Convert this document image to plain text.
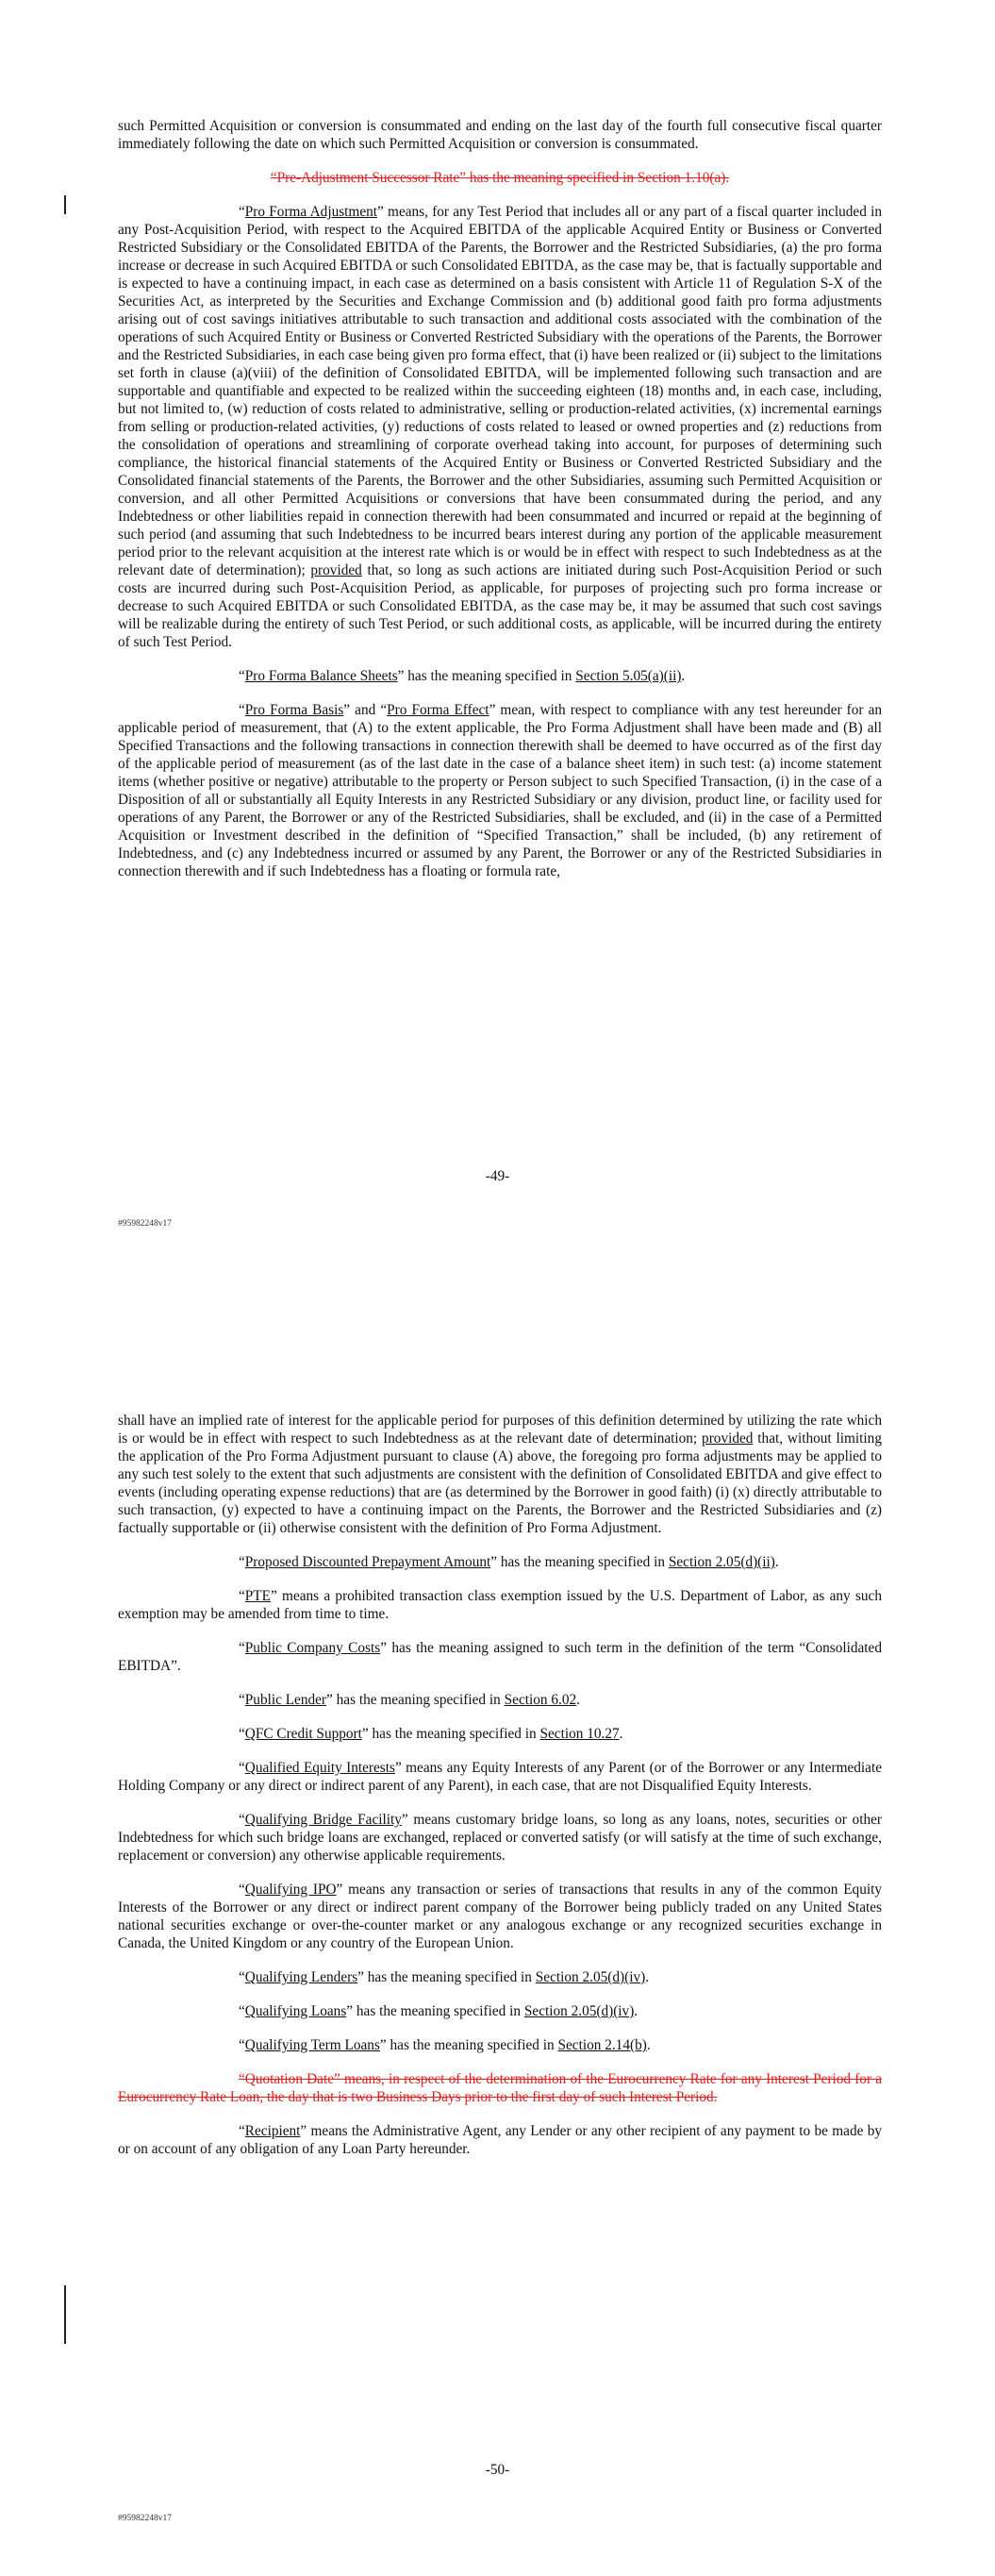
such Permitted Acquisition or conversion is consummated and ending on the last day of the fourth full consecutive fiscal quarter immediately following the date on which such Permitted Acquisition or conversion is consummated.

“Pre-Adjustment Successor Rate” has the meaning specified in Section 1.10(a).

“Pro Forma Adjustment” means, for any Test Period that includes all or any part of a fiscal quarter included in any Post-Acquisition Period, with respect to the Acquired EBITDA of the applicable Acquired Entity or Business or Converted Restricted Subsidiary or the Consolidated EBITDA of the Parents, the Borrower and the Restricted Subsidiaries, (a) the pro forma increase or decrease in such Acquired EBITDA or such Consolidated EBITDA, as the case may be, that is factually supportable and is expected to have a continuing impact, in each case as determined on a basis consistent with Article 11 of Regulation S-X of the Securities Act, as interpreted by the Securities and Exchange Commission and (b) additional good faith pro forma adjustments arising out of cost savings initiatives attributable to such transaction and additional costs associated with the combination of the operations of such Acquired Entity or Business or Converted Restricted Subsidiary with the operations of the Parents, the Borrower and the Restricted Subsidiaries, in each case being given pro forma effect, that (i) have been realized or (ii) subject to the limitations set forth in clause (a)(viii) of the definition of Consolidated EBITDA, will be implemented following such transaction and are supportable and quantifiable and expected to be realized within the succeeding eighteen (18) months and, in each case, including, but not limited to, (w) reduction of costs related to administrative, selling or production-related activities, (x) incremental earnings from selling or production-related activities, (y) reductions of costs related to leased or owned properties and (z) reductions from the consolidation of operations and streamlining of corporate overhead taking into account, for purposes of determining such compliance, the historical financial statements of the Acquired Entity or Business or Converted Restricted Subsidiary and the Consolidated financial statements of the Parents, the Borrower and the other Subsidiaries, assuming such Permitted Acquisition or conversion, and all other Permitted Acquisitions or conversions that have been consummated during the period, and any Indebtedness or other liabilities repaid in connection therewith had been consummated and incurred or repaid at the beginning of such period (and assuming that such Indebtedness to be incurred bears interest during any portion of the applicable measurement period prior to the relevant acquisition at the interest rate which is or would be in effect with respect to such Indebtedness as at the relevant date of determination); provided that, so long as such actions are initiated during such Post-Acquisition Period or such costs are incurred during such Post-Acquisition Period, as applicable, for purposes of projecting such pro forma increase or decrease to such Acquired EBITDA or such Consolidated EBITDA, as the case may be, it may be assumed that such cost savings will be realizable during the entirety of such Test Period, or such additional costs, as applicable, will be incurred during the entirety of such Test Period.

“Pro Forma Balance Sheets” has the meaning specified in Section 5.05(a)(ii).

“Pro Forma Basis” and “Pro Forma Effect” mean, with respect to compliance with any test hereunder for an applicable period of measurement, that (A) to the extent applicable, the Pro Forma Adjustment shall have been made and (B) all Specified Transactions and the following transactions in connection therewith shall be deemed to have occurred as of the first day of the applicable period of measurement (as of the last date in the case of a balance sheet item) in such test: (a) income statement items (whether positive or negative) attributable to the property or Person subject to such Specified Transaction, (i) in the case of a Disposition of all or substantially all Equity Interests in any Restricted Subsidiary or any division, product line, or facility used for operations of any Parent, the Borrower or any of the Restricted Subsidiaries, shall be excluded, and (ii) in the case of a Permitted Acquisition or Investment described in the definition of “Specified Transaction,” shall be included, (b) any retirement of Indebtedness, and (c) any Indebtedness incurred or assumed by any Parent, the Borrower or any of the Restricted Subsidiaries in connection therewith and if such Indebtedness has a floating or formula rate,

-49-
#95982248v17

shall have an implied rate of interest for the applicable period for purposes of this definition determined by utilizing the rate which is or would be in effect with respect to such Indebtedness as at the relevant date of determination; provided that, without limiting the application of the Pro Forma Adjustment pursuant to clause (A) above, the foregoing pro forma adjustments may be applied to any such test solely to the extent that such adjustments are consistent with the definition of Consolidated EBITDA and give effect to events (including operating expense reductions) that are (as determined by the Borrower in good faith) (i) (x) directly attributable to such transaction, (y) expected to have a continuing impact on the Parents, the Borrower and the Restricted Subsidiaries and (z) factually supportable or (ii) otherwise consistent with the definition of Pro Forma Adjustment.

“Proposed Discounted Prepayment Amount” has the meaning specified in Section 2.05(d)(ii).

“PTE” means a prohibited transaction class exemption issued by the U.S. Department of Labor, as any such exemption may be amended from time to time.

“Public Company Costs” has the meaning assigned to such term in the definition of the term “Consolidated EBITDA”.

“Public Lender” has the meaning specified in Section 6.02.

“QFC Credit Support” has the meaning specified in Section 10.27.

“Qualified Equity Interests” means any Equity Interests of any Parent (or of the Borrower or any Intermediate Holding Company or any direct or indirect parent of any Parent), in each case, that are not Disqualified Equity Interests.

“Qualifying Bridge Facility” means customary bridge loans, so long as any loans, notes, securities or other Indebtedness for which such bridge loans are exchanged, replaced or converted satisfy (or will satisfy at the time of such exchange, replacement or conversion) any otherwise applicable requirements.

“Qualifying IPO” means any transaction or series of transactions that results in any of the common Equity Interests of the Borrower or any direct or indirect parent company of the Borrower being publicly traded on any United States national securities exchange or over-the-counter market or any analogous exchange or any recognized securities exchange in Canada, the United Kingdom or any country of the European Union.

“Qualifying Lenders” has the meaning specified in Section 2.05(d)(iv).

“Qualifying Loans” has the meaning specified in Section 2.05(d)(iv).

“Qualifying Term Loans” has the meaning specified in Section 2.14(b).

“Quotation Date” means, in respect of the determination of the Eurocurrency Rate for any Interest Period for a Eurocurrency Rate Loan, the day that is two Business Days prior to the first day of such Interest Period.

“Recipient” means the Administrative Agent, any Lender or any other recipient of any payment to be made by or on account of any obligation of any Loan Party hereunder.

-50-
#95982248v17
